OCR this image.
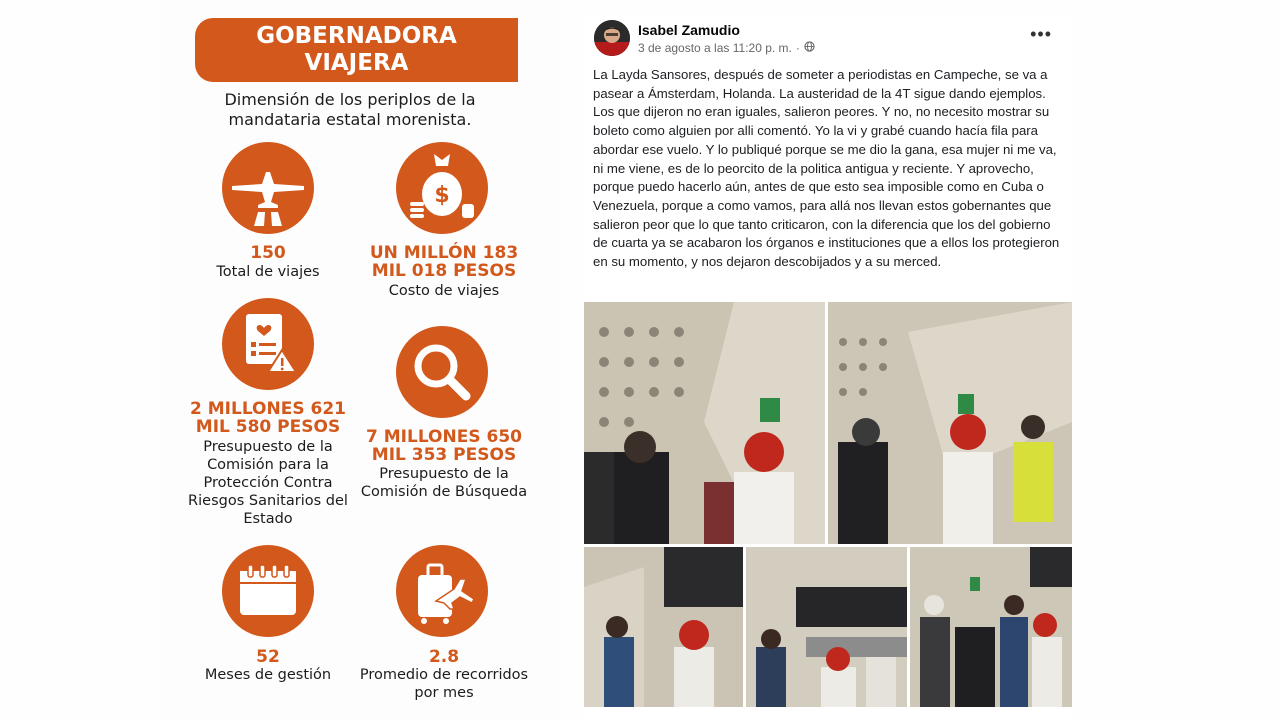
GOBERNADORA
VIAJERA
Dimensión de los periplos de la mandataria estatal morenista.
150
Total de viajes
$
UN MILLÓN 183 MIL 018 PESOS
Costo de viajes
2 MILLONES 621 MIL 580 PESOS
Presupuesto de la Comisión para la Protección Contra Riesgos Sanitarios del Estado
7 MILLONES 650 MIL 353 PESOS
Presupuesto de la Comisión de Búsqueda
52
Meses de gestión
2.8
Promedio de recorridos por mes
Isabel Zamudio
3 de agosto a las 11:20 p. m. ·
•••
La Layda Sansores, después de someter a periodistas en Campeche, se va a pasear a Ámsterdam, Holanda. La austeridad de la 4T sigue dando ejemplos. Los que dijeron no eran iguales, salieron peores. Y no, no necesito mostrar su boleto como alguien por alli comentó. Yo la vi y grabé cuando hacía fila para abordar ese vuelo. Y lo publiqué porque se me dio la gana, esa mujer ni me va, ni me viene, es de lo peorcito de la politica antigua y reciente. Y aprovecho, porque puedo hacerlo aún, antes de que esto sea imposible como en Cuba o Venezuela, porque a como vamos, para allá nos llevan estos gobernantes que salieron peor que lo que tanto criticaron, con la diferencia que los del gobierno de cuarta ya se acabaron los órganos e instituciones que a ellos los protegieron en su momento, y nos dejaron descobijados y a su merced.
